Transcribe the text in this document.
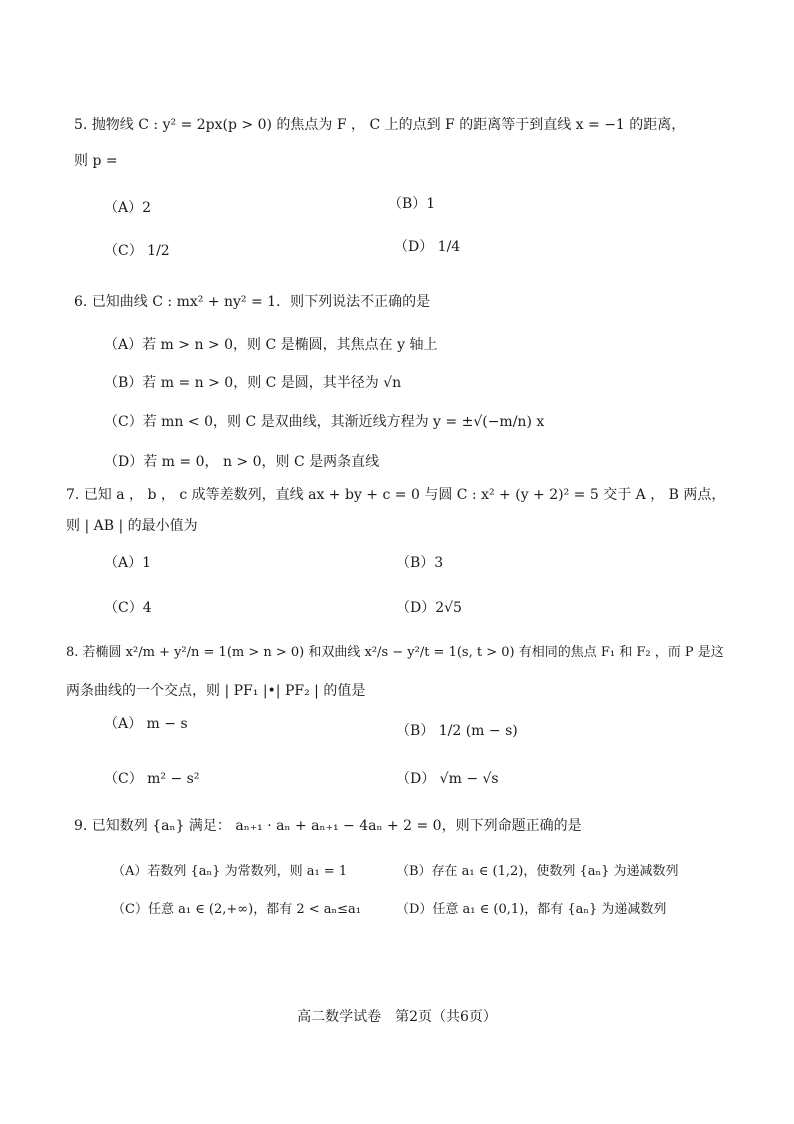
5. 抛物线 C : y² = 2px(p > 0) 的焦点为 F ， C 上的点到 F 的距离等于到直线 x = −1 的距离，
则 p =
（A）2	（B）1
（C） 1/2	（D） 1/4
6. 已知曲线 C : mx² + ny² = 1．则下列说法不正确的是
（A）若 m > n > 0，则 C 是椭圆，其焦点在 y 轴上
（B）若 m = n > 0，则 C 是圆，其半径为 √n
（C）若 mn < 0，则 C 是双曲线，其渐近线方程为 y = ±√(−m/n) x
（D）若 m = 0， n > 0，则 C 是两条直线
7. 已知 a ， b ， c 成等差数列，直线 ax + by + c = 0 与圆 C : x² + (y + 2)² = 5 交于 A ， B 两点，
则 | AB | 的最小值为
（A）1	（B）3
（C）4	（D）2√5
8. 若椭圆 x²/m + y²/n = 1(m > n > 0) 和双曲线 x²/s − y²/t = 1(s, t > 0) 有相同的焦点 F₁ 和 F₂ ，而 P 是这
两条曲线的一个交点，则 | PF₁ |•| PF₂ | 的值是
（A） m − s	（B） 1/2 (m − s)
（C） m² − s²	（D） √m − √s
9. 已知数列 {aₙ} 满足： aₙ₊₁ · aₙ + aₙ₊₁ − 4aₙ + 2 = 0，则下列命题正确的是
（A）若数列 {aₙ} 为常数列，则 a₁ = 1	（B）存在 a₁ ∈ (1,2)，使数列 {aₙ} 为递减数列
（C）任意 a₁ ∈ (2,+∞)，都有 2 < aₙ≤a₁	（D）任意 a₁ ∈ (0,1)，都有 {aₙ} 为递减数列
高二数学试卷　第2页（共6页）
